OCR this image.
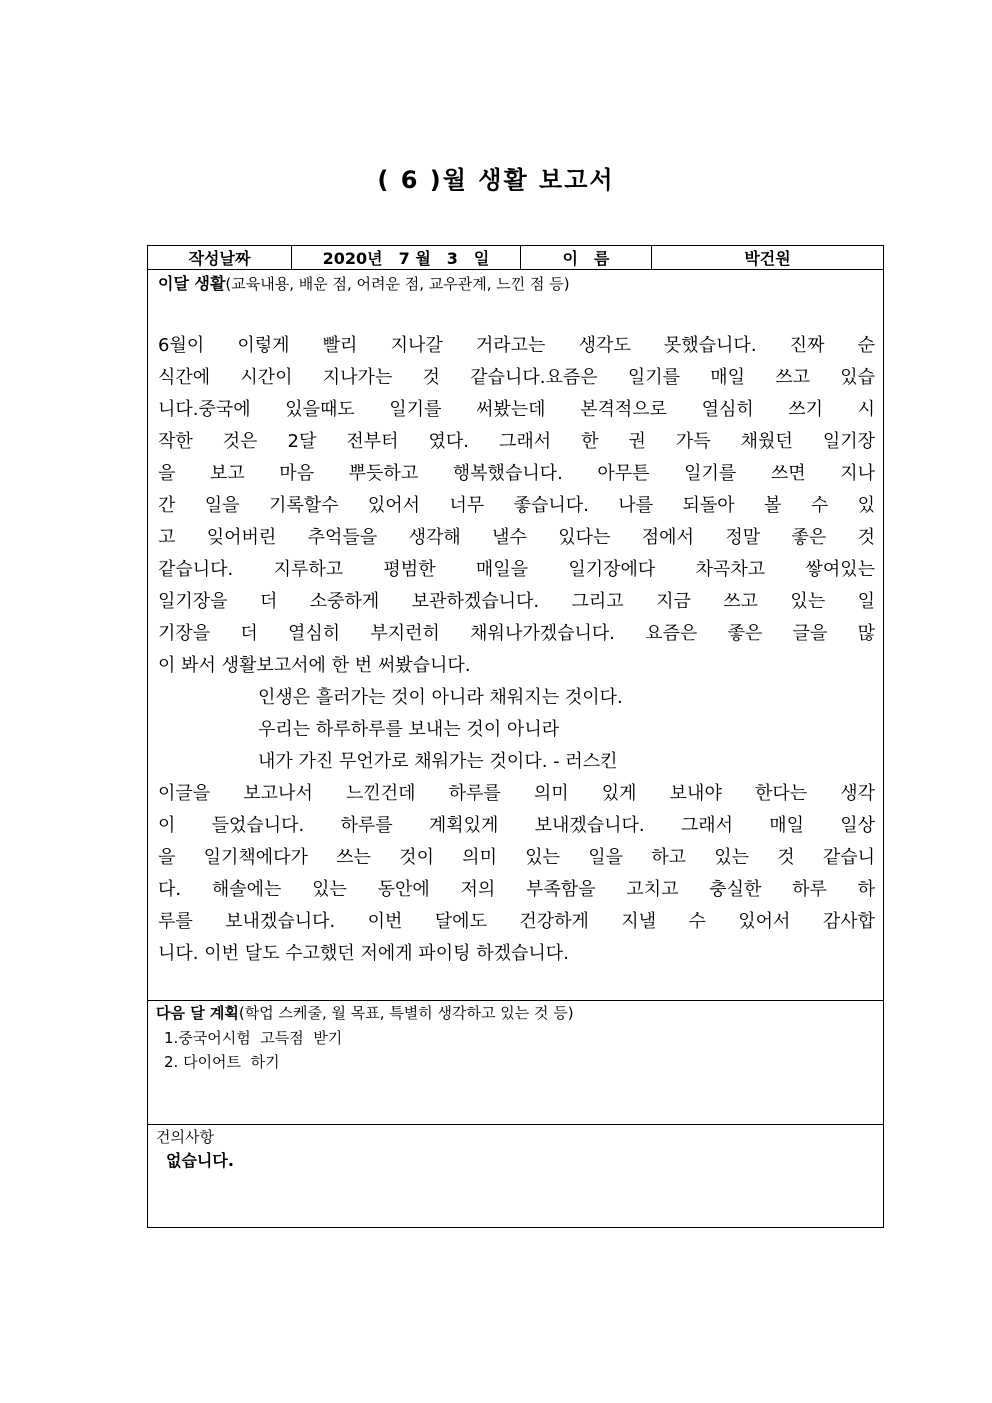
( 6 )월 생활 보고서
작성날짜	2020년　7 월　3　일	이　름	박건원
이달 생활(교육내용, 배운 점, 어려운 점, 교우관계, 느낀 점 등)

6월이 이렇게 빨리 지나갈 거라고는 생각도 못했습니다. 진짜 순

식간에 시간이 지나가는 것 같습니다.요즘은 일기를 매일 쓰고 있습

니다.중국에 있을때도 일기를 써봤는데 본격적으로 열심히 쓰기 시

작한 것은 2달 전부터 였다. 그래서 한 권 가득 채웠던 일기장

을 보고 마음 뿌듯하고 행복했습니다. 아무튼 일기를 쓰면 지나

간 일을 기록할수 있어서 너무 좋습니다. 나를 되돌아 볼 수 있

고 잊어버린 추억들을 생각해 낼수 있다는 점에서 정말 좋은 것

같습니다. 지루하고 평범한 매일을 일기장에다 차곡차고 쌓여있는

일기장을 더 소중하게 보관하겠습니다. 그리고 지금 쓰고 있는 일

기장을 더 열심히 부지런히 채워나가겠습니다. 요즘은 좋은 글을 많

이 봐서 생활보고서에 한 번 써봤습니다.

인생은 흘러가는 것이 아니라 채워지는 것이다.

우리는 하루하루를 보내는 것이 아니라

내가 가진 무언가로 채워가는 것이다. - 러스킨

이글을 보고나서 느낀건데 하루를 의미 있게 보내야 한다는 생각

이 들었습니다. 하루를 계획있게 보내겠습니다. 그래서 매일 일상

을 일기책에다가 쓰는 것이 의미 있는 일을 하고 있는 것 같습니

다. 해솔에는 있는 동안에 저의 부족함을 고치고 충실한 하루 하

루를 보내겠습니다. 이번 달에도 건강하게 지낼 수 있어서 감사합

니다. 이번 달도 수고했던 저에게 파이팅 하겠습니다.

다음 달 계획(학업 스케줄, 월 목표, 특별히 생각하고 있는 것 등)
1.중국어시험  고득점  받기
2. 다이어트  하기
건의사항
없습니다.
